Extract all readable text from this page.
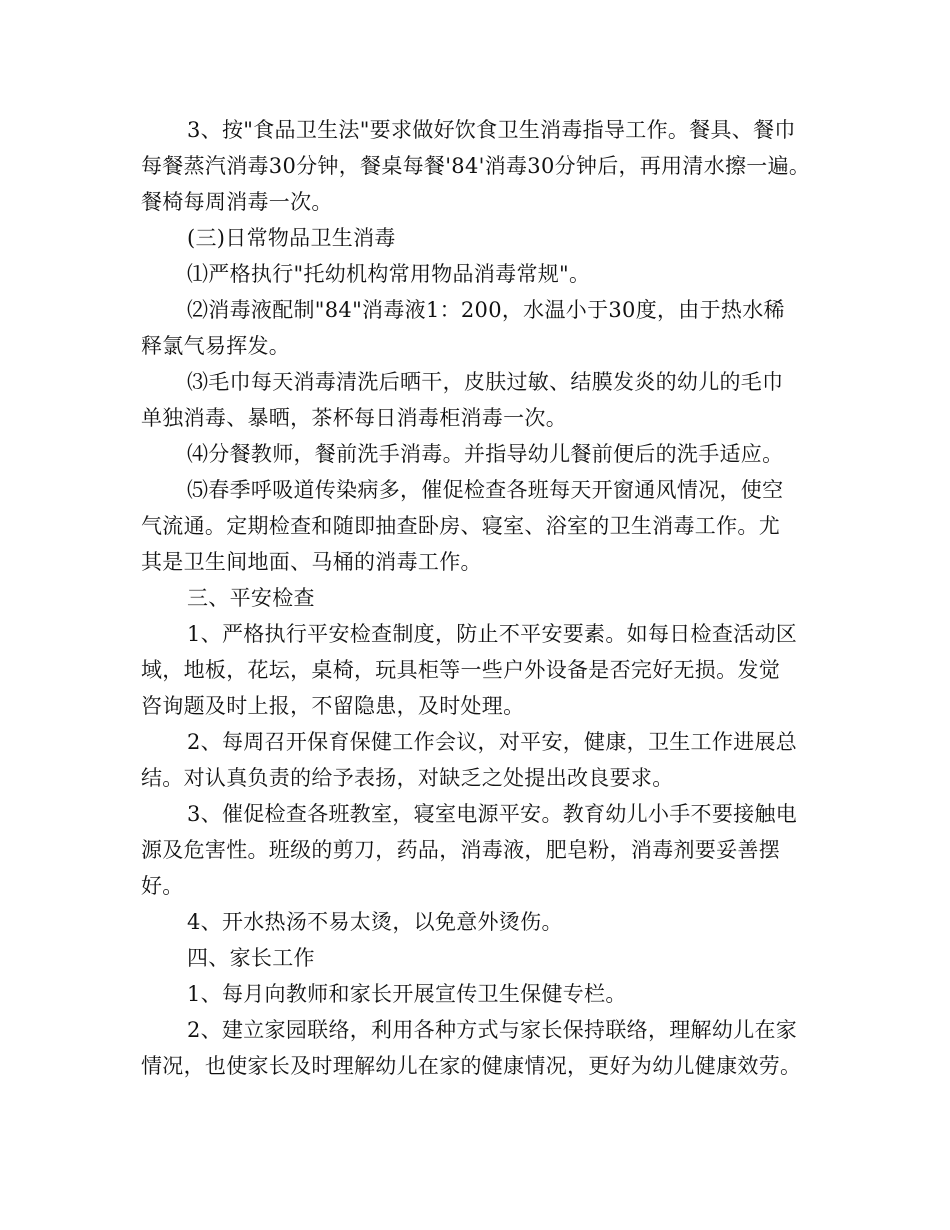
3、按"食品卫生法"要求做好饮食卫生消毒指导工作。餐具、餐巾
每餐蒸汽消毒30分钟，餐桌每餐'84'消毒30分钟后，再用清水擦一遍。
餐椅每周消毒一次。
(三)日常物品卫生消毒
⑴严格执行"托幼机构常用物品消毒常规"。
⑵消毒液配制"84"消毒液1：200，水温小于30度，由于热水稀
释氯气易挥发。
⑶毛巾每天消毒清洗后晒干，皮肤过敏、结膜发炎的幼儿的毛巾
单独消毒、暴晒，茶杯每日消毒柜消毒一次。
⑷分餐教师，餐前洗手消毒。并指导幼儿餐前便后的洗手适应。
⑸春季呼吸道传染病多，催促检查各班每天开窗通风情况，使空
气流通。定期检查和随即抽查卧房、寝室、浴室的卫生消毒工作。尤
其是卫生间地面、马桶的消毒工作。
三、平安检查
1、严格执行平安检查制度，防止不平安要素。如每日检查活动区
域，地板，花坛，桌椅，玩具柜等一些户外设备是否完好无损。发觉
咨询题及时上报，不留隐患，及时处理。
2、每周召开保育保健工作会议，对平安，健康，卫生工作进展总
结。对认真负责的给予表扬，对缺乏之处提出改良要求。
3、催促检查各班教室，寝室电源平安。教育幼儿小手不要接触电
源及危害性。班级的剪刀，药品，消毒液，肥皂粉，消毒剂要妥善摆
好。
4、开水热汤不易太烫，以免意外烫伤。
四、家长工作
1、每月向教师和家长开展宣传卫生保健专栏。
2、建立家园联络，利用各种方式与家长保持联络，理解幼儿在家
情况，也使家长及时理解幼儿在家的健康情况，更好为幼儿健康效劳。
